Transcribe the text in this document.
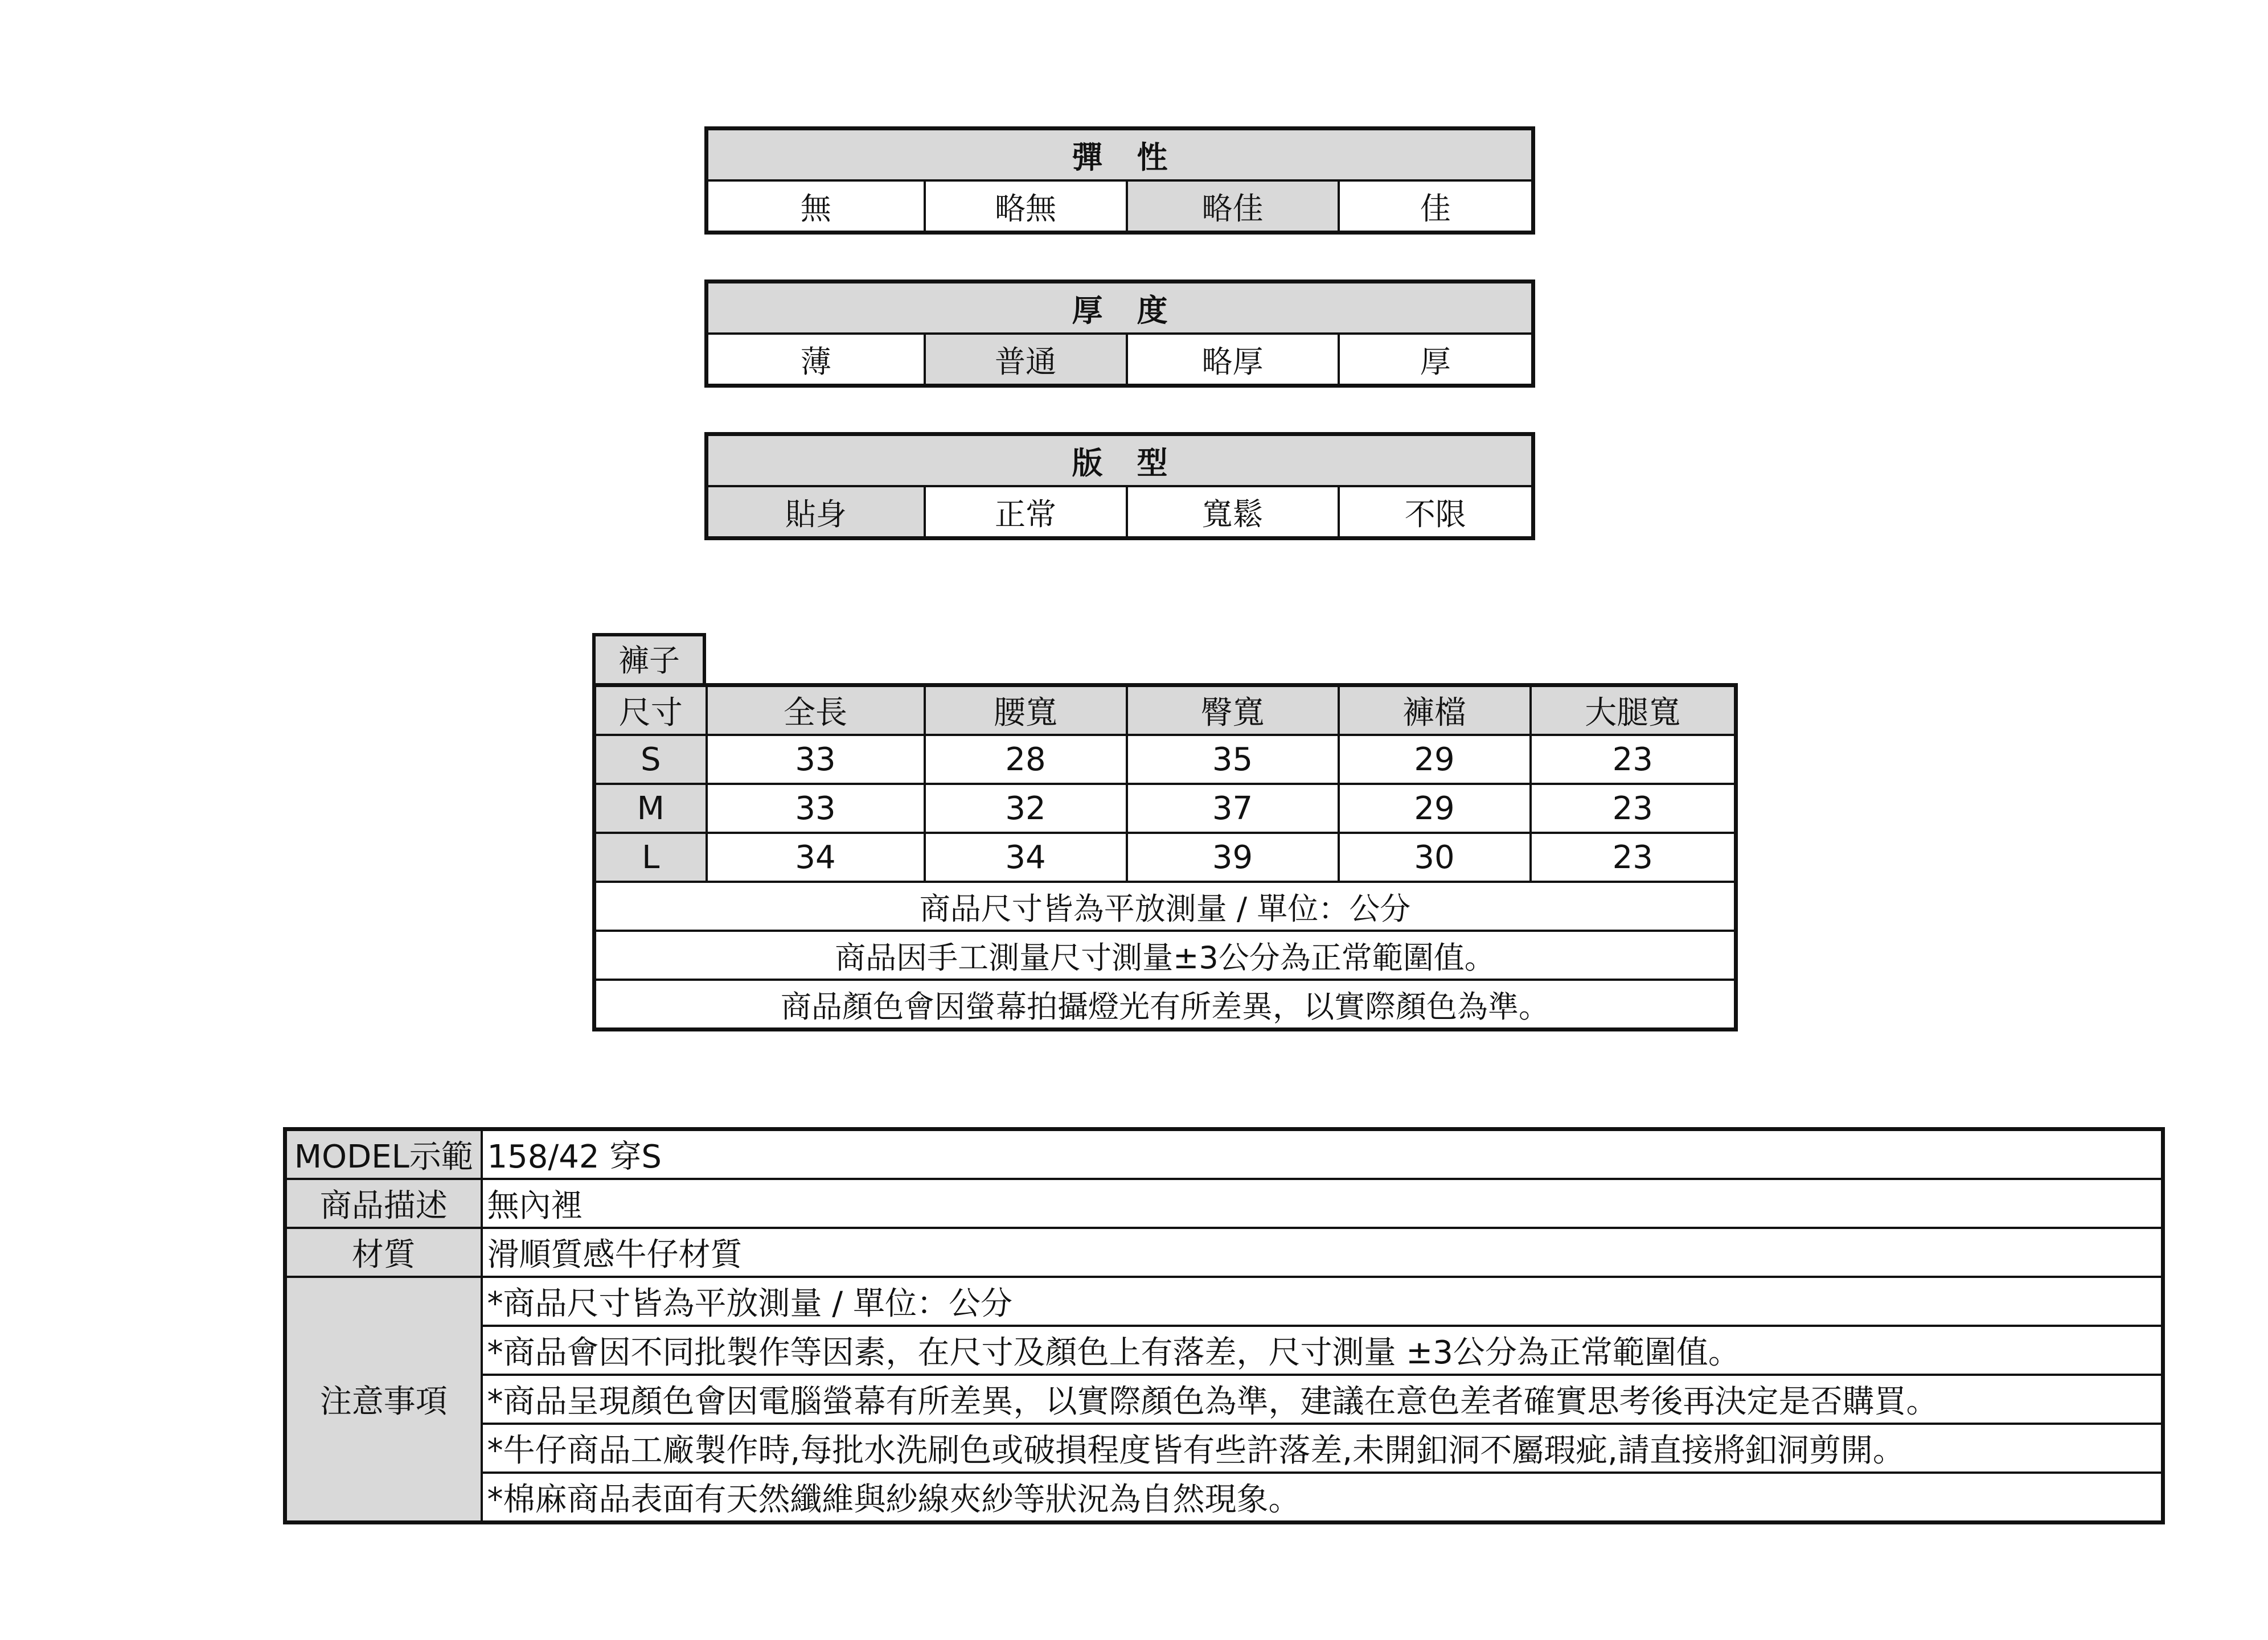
彈性
無	略無	略佳	佳
厚度
薄	普通	略厚	厚
版型
貼身	正常	寬鬆	不限
褲子
尺寸	全長	腰寬	臀寬	褲檔	大腿寬
S	33	28	35	29	23
M	33	32	37	29	23
L	34	34	39	30	23
商品尺寸皆為平放測量 / 單位：公分					
商品因手工測量尺寸測量±3公分為正常範圍值。					
商品顏色會因螢幕拍攝燈光有所差異，以實際顏色為準。					
MODEL示範	158/42 穿S
商品描述	無內裡
材質	滑順質感牛仔材質
注意事項	*商品尺寸皆為平放測量 / 單位：公分
	*商品會因不同批製作等因素，在尺寸及顏色上有落差，尺寸測量 ±3公分為正常範圍值。
	*商品呈現顏色會因電腦螢幕有所差異，以實際顏色為準，建議在意色差者確實思考後再決定是否購買。
	*牛仔商品工廠製作時,每批水洗刷色或破損程度皆有些許落差,未開釦洞不屬瑕疵,請直接將釦洞剪開。
	*棉麻商品表面有天然纖維與紗線夾紗等狀況為自然現象。
